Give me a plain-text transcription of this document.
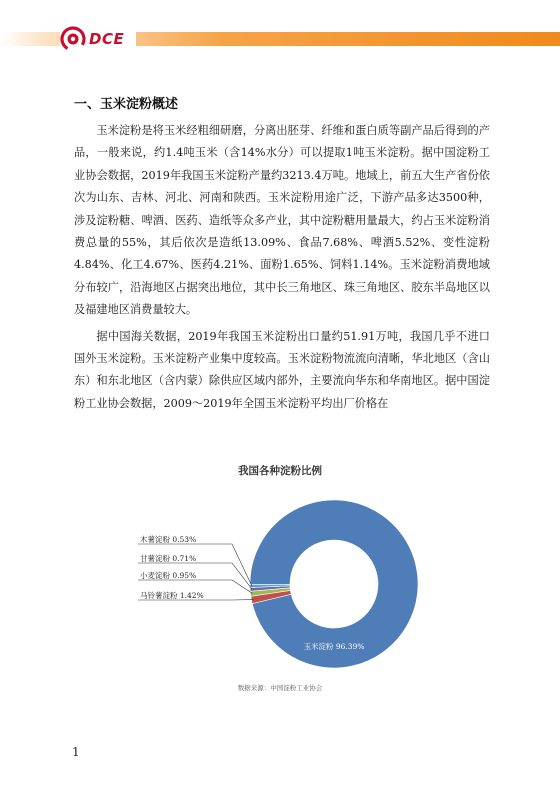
DCE
一、玉米淀粉概述

玉米淀粉是将玉米经粗细研磨，分离出胚芽、纤维和蛋白质等副产品后得到的产品，一般来说，约1.4吨玉米（含14%水分）可以提取1吨玉米淀粉。据中国淀粉工业协会数据，2019年我国玉米淀粉产量约3213.4万吨。地域上，前五大生产省份依次为山东、吉林、河北、河南和陕西。玉米淀粉用途广泛，下游产品多达3500种，涉及淀粉糖、啤酒、医药、造纸等众多产业，其中淀粉糖用量最大，约占玉米淀粉消费总量的55%，其后依次是造纸13.09%、食品7.68%、啤酒5.52%、变性淀粉4.84%、化工4.67%、医药4.21%、面粉1.65%、饲料1.14%。玉米淀粉消费地域分布较广，沿海地区占据突出地位，其中长三角地区、珠三角地区、胶东半岛地区以及福建地区消费量较大。

据中国海关数据，2019年我国玉米淀粉出口量约51.91万吨，我国几乎不进口国外玉米淀粉。玉米淀粉产业集中度较高。玉米淀粉物流流向清晰，华北地区（含山东）和东北地区（含内蒙）除供应区域内部外，主要流向华东和华南地区。据中国淀粉工业协会数据，2009～2019年全国玉米淀粉平均出厂价格在

我国各种淀粉比例
玉米淀粉 96.39%
马铃薯淀粉 1.42%
小麦淀粉 0.95%
甘薯淀粉 0.71%
木薯淀粉 0.53%
数据来源：中国淀粉工业协会
1
